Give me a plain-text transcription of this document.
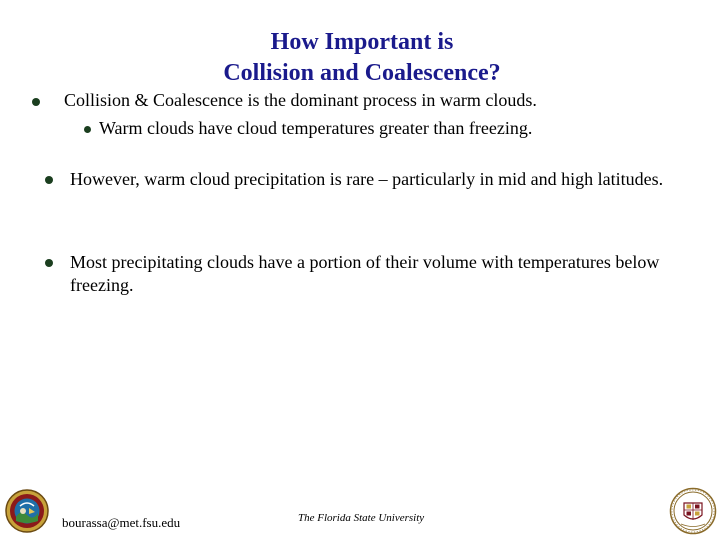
How Important is
Collision and Coalescence?
Collision & Coalescence is the dominant process in warm clouds.
Warm clouds have cloud temperatures greater than freezing.
However, warm cloud precipitation is rare – particularly in mid and high latitudes.
Most precipitating clouds have a portion of their volume with temperatures below freezing.
bourassa@met.fsu.edu	The Florida State University
